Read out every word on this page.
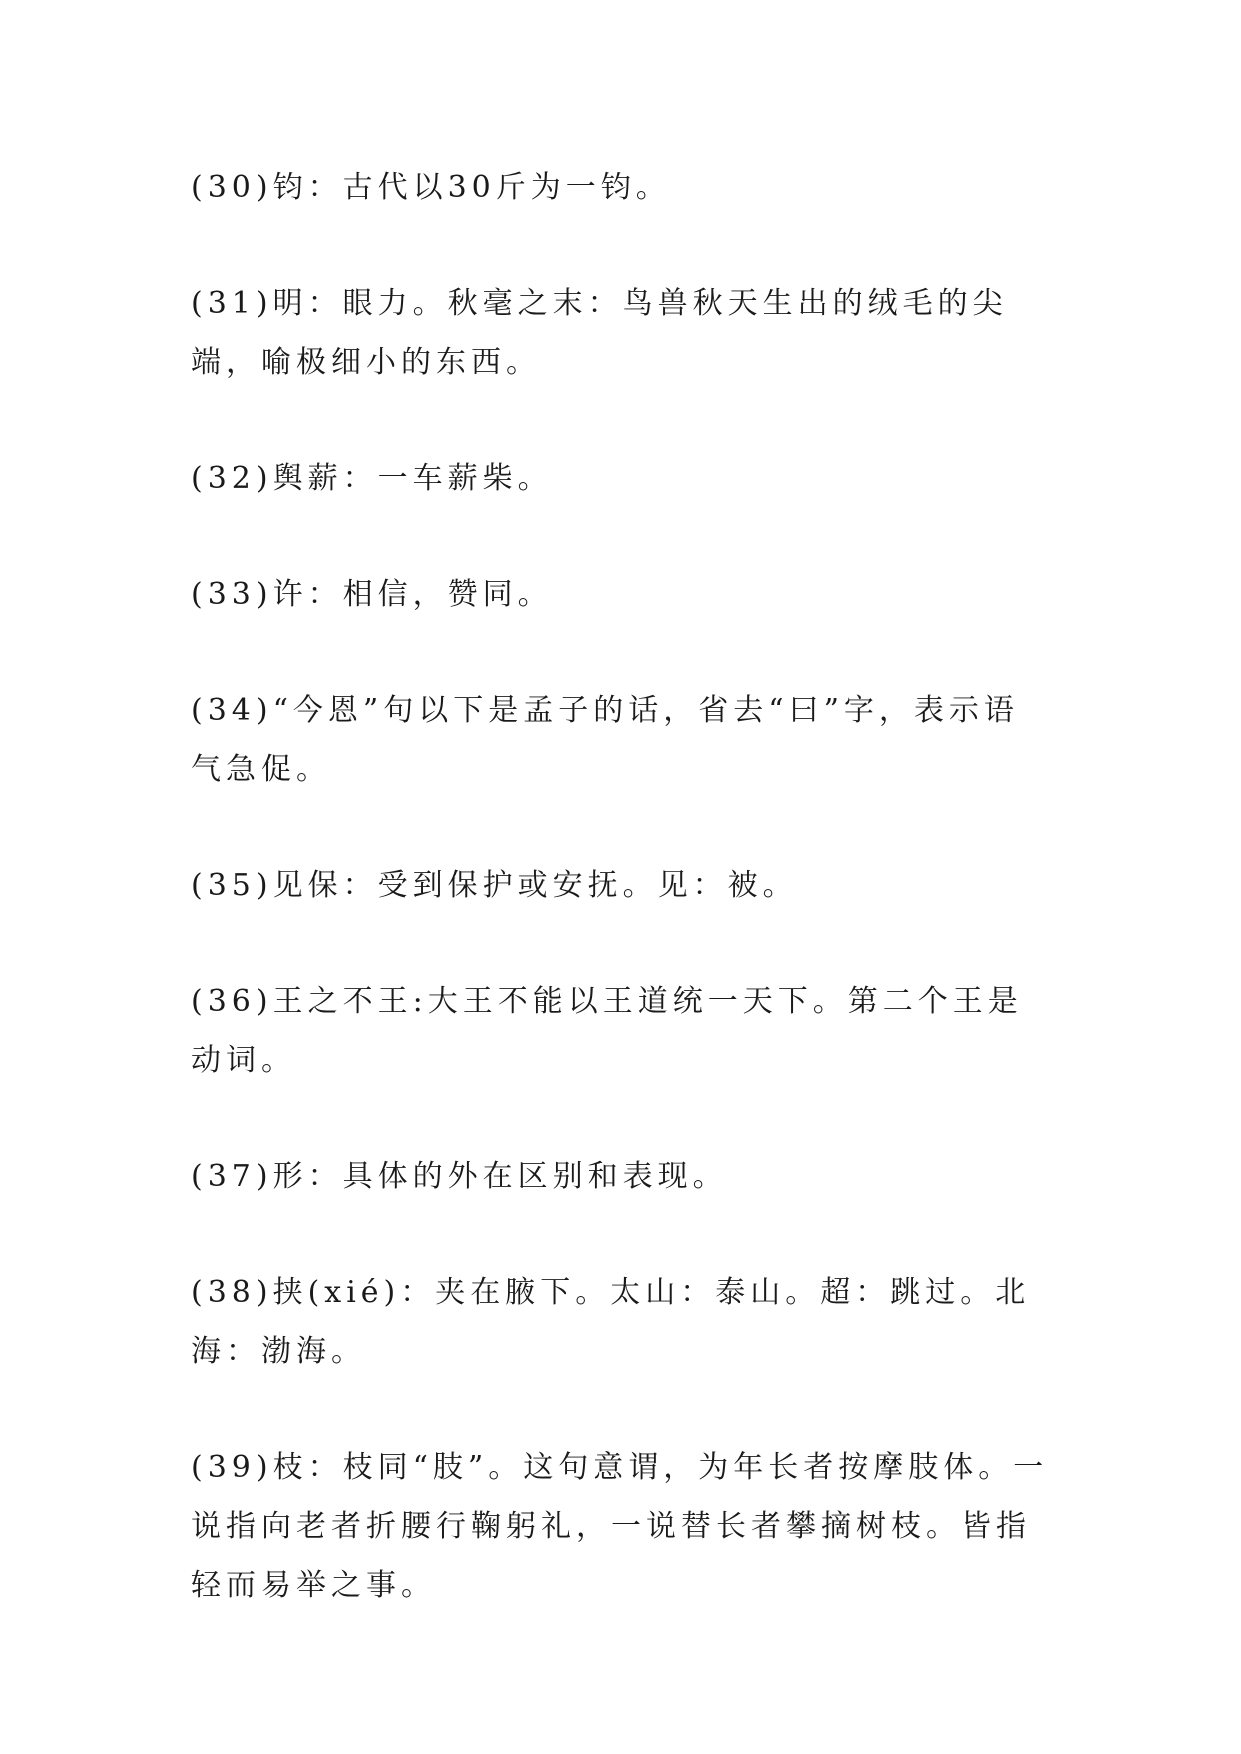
(30)钧：古代以30斤为一钧。

(31)明：眼力。秋毫之末：鸟兽秋天生出的绒毛的尖端，喻极细小的东西。

(32)舆薪：一车薪柴。

(33)许：相信，赞同。

(34)“今恩”句以下是孟子的话，省去“曰”字，表示语气急促。

(35)见保：受到保护或安抚。见：被。

(36)王之不王:大王不能以王道统一天下。第二个王是动词。

(37)形：具体的外在区别和表现。

(38)挟(xié)：夹在腋下。太山：泰山。超：跳过。北海：渤海。

(39)枝：枝同“肢”。这句意谓，为年长者按摩肢体。一说指向老者折腰行鞠躬礼，一说替长者攀摘树枝。皆指轻而易举之事。
